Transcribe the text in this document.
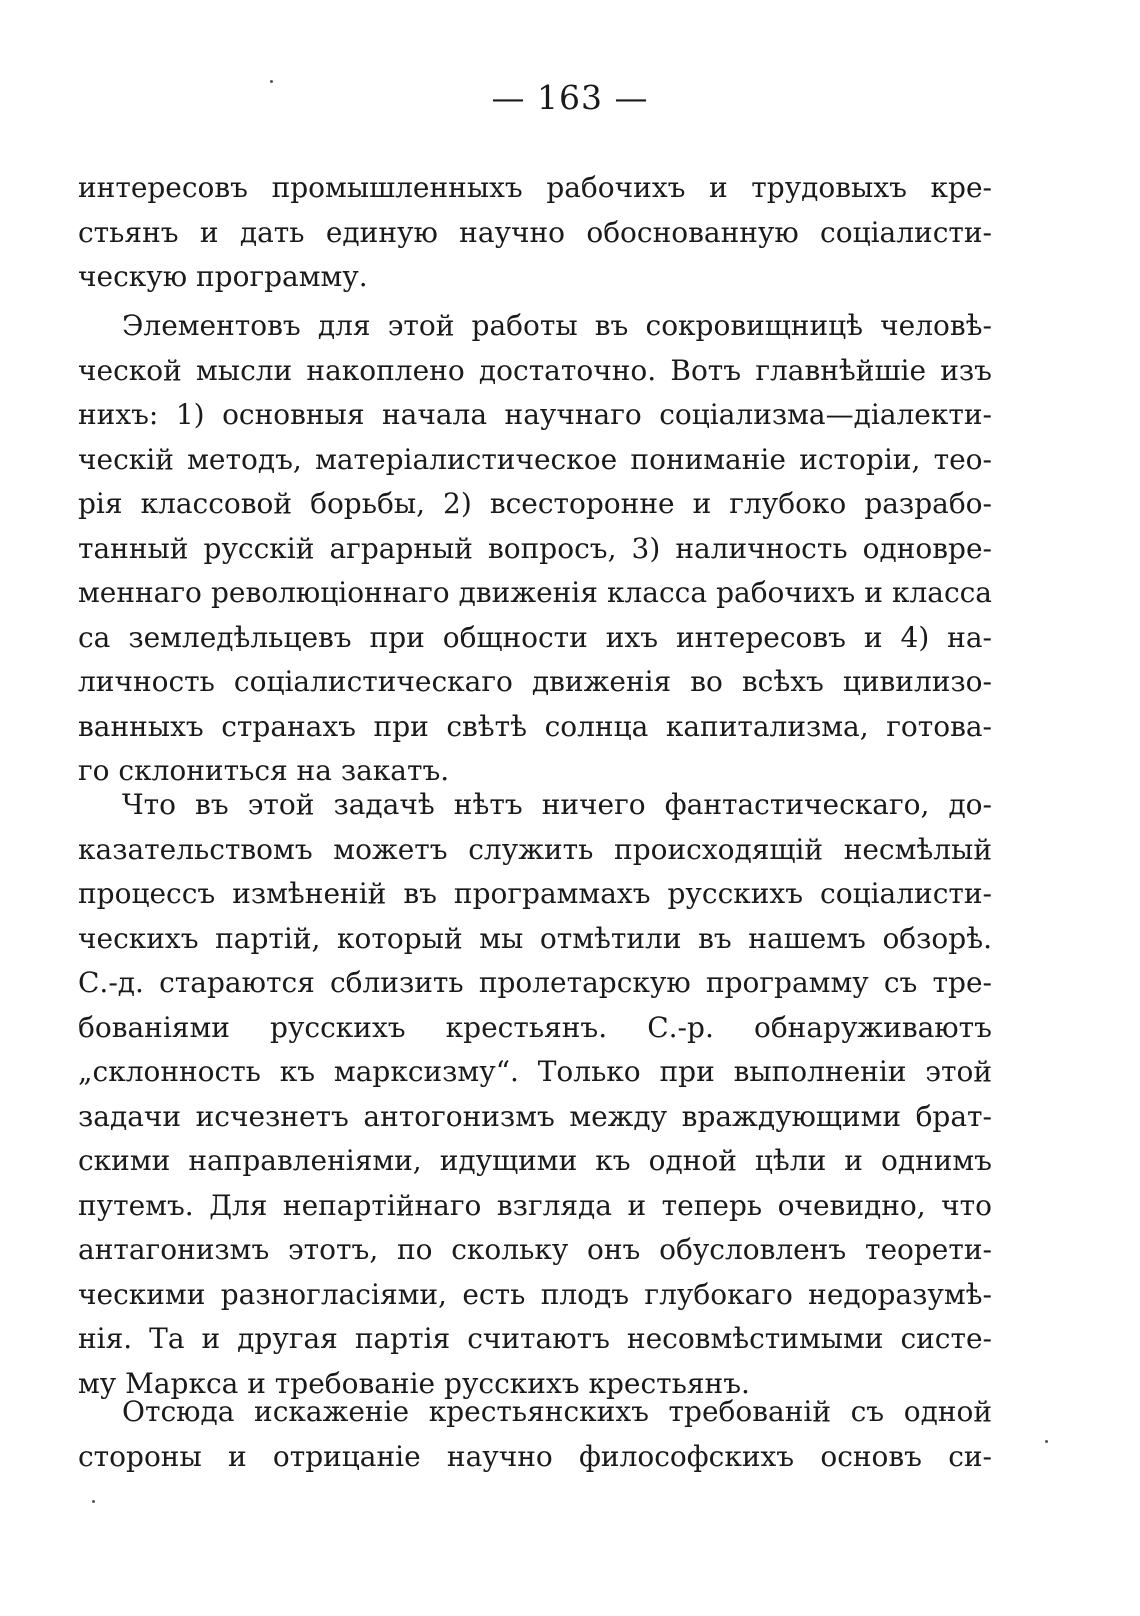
— 163 —
интересовъ промышленныхъ рабочихъ и трудовыхъ кре-
стьянъ и дать единую научно обоснованную соціалисти-
ческую программу.
Элементовъ для этой работы въ сокровищницѣ человѣ-
ческой мысли накоплено достаточно. Вотъ главнѣйшіе изъ
нихъ: 1) основныя начала научнаго соціализма—діалекти-
ческій методъ, матеріалистическое пониманіе исторіи, тео-
рія классовой борьбы, 2) всесторонне и глубоко разрабо-
танный русскій аграрный вопросъ, 3) наличность одновре-
меннаго революціоннаго движенія класса рабочихъ и класса
са земледѣльцевъ при общности ихъ интересовъ и 4) на-
личность соціалистическаго движенія во всѣхъ цивилизо-
ванныхъ странахъ при свѣтѣ солнца капитализма, готова-
го склониться на закатъ.
Что въ этой задачѣ нѣтъ ничего фантастическаго, до-
казательствомъ можетъ служить происходящій несмѣлый
процессъ измѣненій въ программахъ русскихъ соціалисти-
ческихъ партій, который мы отмѣтили въ нашемъ обзорѣ.
С.-д. стараются сблизить пролетарскую программу съ тре-
бованіями русскихъ крестьянъ. С.-р. обнаруживаютъ
„склонность къ марксизму“. Только при выполненіи этой
задачи исчезнетъ антогонизмъ между враждующими брат-
скими направленіями, идущими къ одной цѣли и однимъ
путемъ. Для непартійнаго взгляда и теперь очевидно, что
антагонизмъ этотъ, по скольку онъ обусловленъ теорети-
ческими разногласіями, есть плодъ глубокаго недоразумѣ-
нія. Та и другая партія считаютъ несовмѣстимыми систе-
му Маркса и требованіе русскихъ крестьянъ.
Отсюда искаженіе крестьянскихъ требованій съ одной
стороны и отрицаніе научно философскихъ основъ си-
